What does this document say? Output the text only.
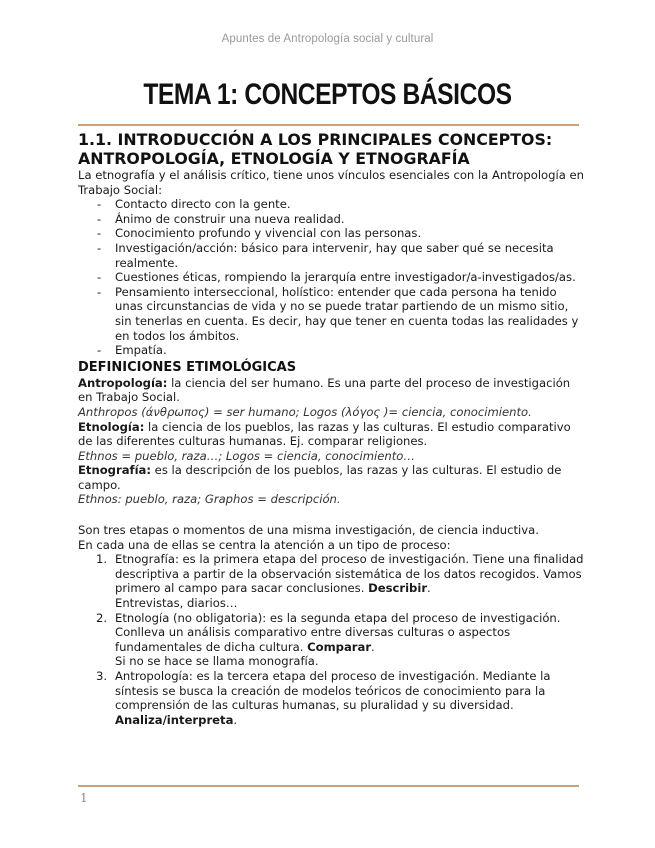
Apuntes de Antropología social y cultural
TEMA 1: CONCEPTOS BÁSICOS
1.1. INTRODUCCIÓN A LOS PRINCIPALES CONCEPTOS:
ANTROPOLOGÍA, ETNOLOGÍA Y ETNOGRAFÍA

La etnografía y el análisis crítico, tiene unos vínculos esenciales con la Antropología en Trabajo Social:

- Contacto directo con la gente.
- Ánimo de construir una nueva realidad.
- Conocimiento profundo y vivencial con las personas.
- Investigación/acción: básico para intervenir, hay que saber qué se necesita realmente.
- Cuestiones éticas, rompiendo la jerarquía entre investigador/a-investigados/as.
- Pensamiento interseccional, holístico: entender que cada persona ha tenido unas circunstancias de vida y no se puede tratar partiendo de un mismo sitio, sin tenerlas en cuenta. Es decir, hay que tener en cuenta todas las realidades y en todos los ámbitos.
- Empatía.
DEFINICIONES ETIMOLÓGICAS

Antropología: la ciencia del ser humano. Es una parte del proceso de investigación en Trabajo Social.

Anthropos (άνθρωπος) = ser humano; Logos (λόγος )= ciencia, conocimiento.

Etnología: la ciencia de los pueblos, las razas y las culturas. El estudio comparativo de las diferentes culturas humanas. Ej. comparar religiones.

Ethnos = pueblo, raza…; Logos = ciencia, conocimiento…

Etnografía: es la descripción de los pueblos, las razas y las culturas. El estudio de campo.

Ethnos: pueblo, raza; Graphos = descripción.

Son tres etapas o momentos de una misma investigación, de ciencia inductiva.

En cada una de ellas se centra la atención a un tipo de proceso:

1. Etnografía: es la primera etapa del proceso de investigación. Tiene una finalidad descriptiva a partir de la observación sistemática de los datos recogidos. Vamos primero al campo para sacar conclusiones. Describir.
Entrevistas, diarios…
2. Etnología (no obligatoria): es la segunda etapa del proceso de investigación. Conlleva un análisis comparativo entre diversas culturas o aspectos fundamentales de dicha cultura. Comparar.
Si no se hace se llama monografía.
3. Antropología: es la tercera etapa del proceso de investigación. Mediante la síntesis se busca la creación de modelos teóricos de conocimiento para la comprensión de las culturas humanas, su pluralidad y su diversidad. Analiza/interpreta.
1
